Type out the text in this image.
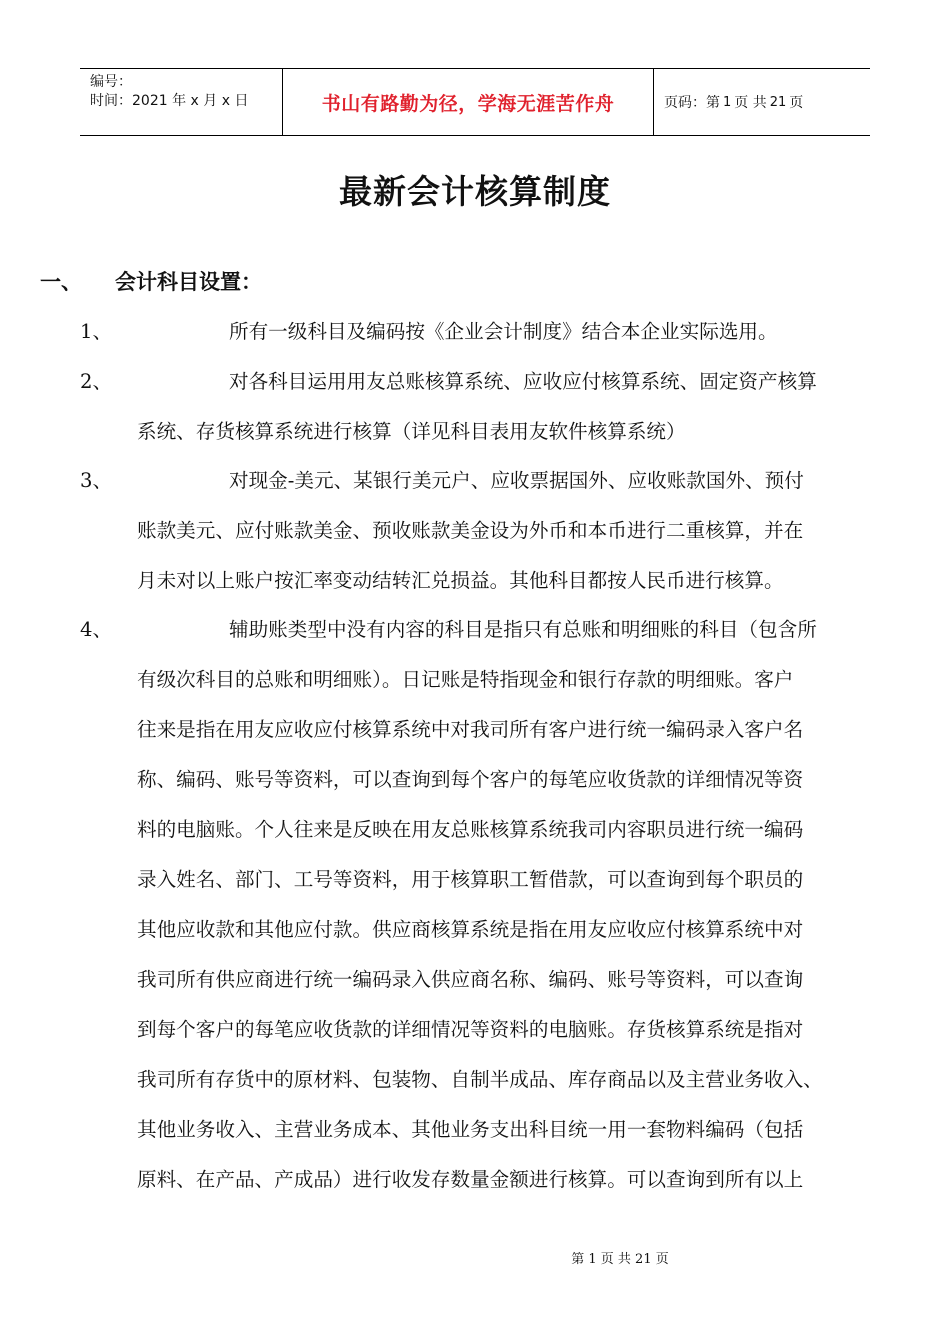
编号：
时间：2021 年 x 月 x 日	书山有路勤为径，学海无涯苦作舟	页码：第 1 页 共 21 页
最新会计核算制度
一、 会计科目设置：
1、	所有一级科目及编码按《企业会计制度》结合本企业实际选用。
2、	对各科目运用用友总账核算系统、应收应付核算系统、固定资产核算
系统、存货核算系统进行核算（详见科目表用友软件核算系统）
3、	对现金-美元、某银行美元户、应收票据国外、应收账款国外、预付
账款美元、应付账款美金、预收账款美金设为外币和本币进行二重核算，并在
月未对以上账户按汇率变动结转汇兑损益。其他科目都按人民币进行核算。
4、	辅助账类型中没有内容的科目是指只有总账和明细账的科目（包含所
有级次科目的总账和明细账）。日记账是特指现金和银行存款的明细账。客户
往来是指在用友应收应付核算系统中对我司所有客户进行统一编码录入客户名
称、编码、账号等资料，可以查询到每个客户的每笔应收货款的详细情况等资
料的电脑账。个人往来是反映在用友总账核算系统我司内容职员进行统一编码
录入姓名、部门、工号等资料，用于核算职工暂借款，可以查询到每个职员的
其他应收款和其他应付款。供应商核算系统是指在用友应收应付核算系统中对
我司所有供应商进行统一编码录入供应商名称、编码、账号等资料，可以查询
到每个客户的每笔应收货款的详细情况等资料的电脑账。存货核算系统是指对
我司所有存货中的原材料、包装物、自制半成品、库存商品以及主营业务收入、
其他业务收入、主营业务成本、其他业务支出科目统一用一套物料编码（包括
原料、在产品、产成品）进行收发存数量金额进行核算。可以查询到所有以上
第 1 页 共 21 页
